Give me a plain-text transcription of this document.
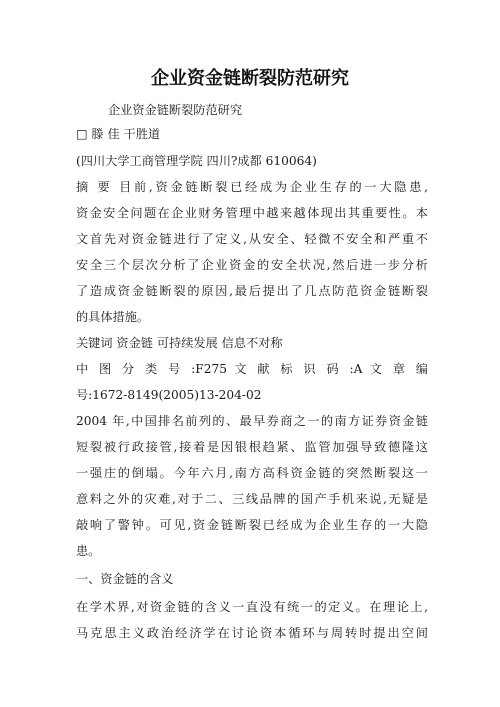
企业资金链断裂防范研究
企业资金链断裂防范研究
□ 滕 佳 干胜道
(四川大学工商管理学院 四川?成都 610064)
摘 要 目前,资金链断裂已经成为企业生存的一大隐患,
资金安全问题在企业财务管理中越来越体现出其重要性。本
文首先对资金链进行了定义,从安全、轻微不安全和严重不
安全三个层次分析了企业资金的安全状况,然后进一步分析
了造成资金链断裂的原因,最后提出了几点防范资金链断裂
的具体措施。
关键词 资金链 可持续发展 信息不对称
中 图 分 类 号 :F275 文 献 标 识 码 :A 文 章 编
号:1672-8149(2005)13-204-02
2004 年,中国排名前列的、最早券商之一的南方证券资金链
短裂被行政接管,接着是因银根趋紧、监管加强导致德隆这
一强庄的倒塌。今年六月,南方高科资金链的突然断裂这一
意料之外的灾难,对于二、三线品牌的国产手机来说,无疑是
敲响了警钟。可见,资金链断裂已经成为企业生存的一大隐
患。
一、资金链的含义
在学术界,对资金链的含义一直没有统一的定义。在理论上,
马克思主义政治经济学在讨论资本循环与周转时提出空间
